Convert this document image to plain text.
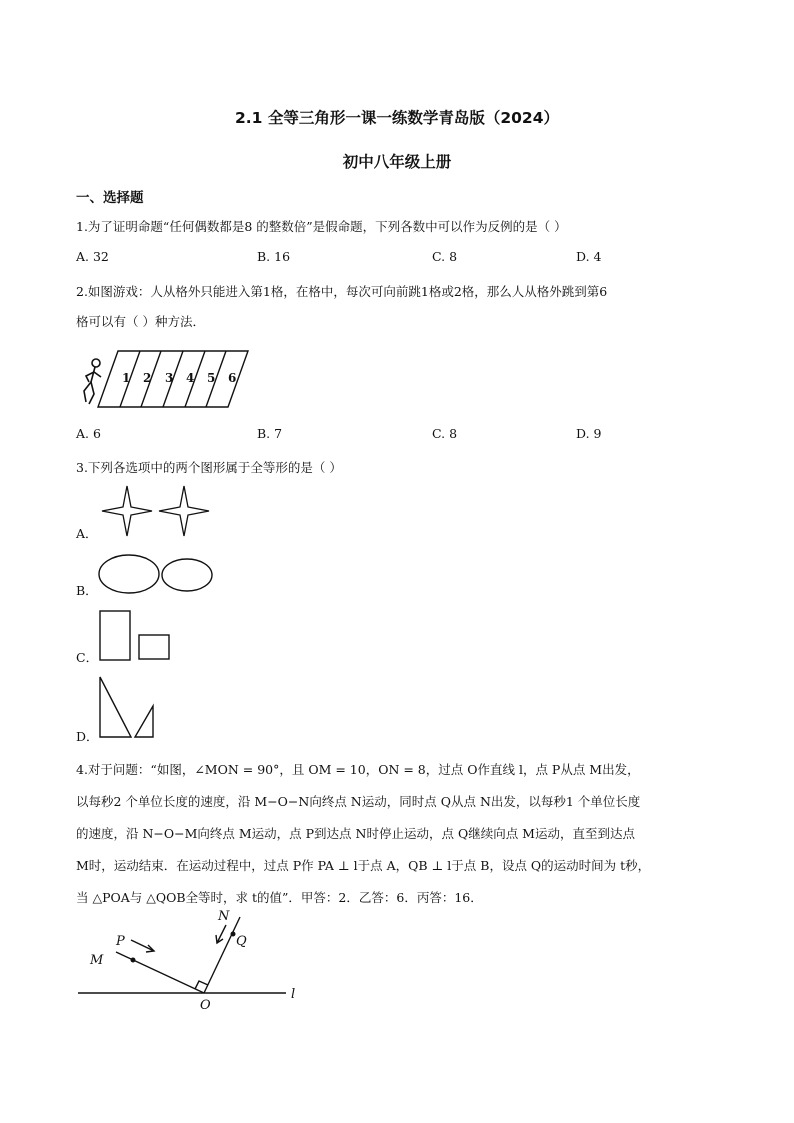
2.1 全等三角形一课一练数学青岛版（2024）
初中八年级上册
一、选择题
1.为了证明命题“任何偶数都是8 的整数倍”是假命题，下列各数中可以作为反例的是（ ）
A. 32	B. 16	C. 8	D. 4
2.如图游戏：人从格外只能进入第1格，在格中，每次可向前跳1格或2格，那么人从格外跳到第6
格可以有（ ）种方法．
1 2 3 4 5 6
A. 6	B. 7	C. 8	D. 9
3.下列各选项中的两个图形属于全等形的是（ ）
A．
B．
C．
D．
4.对于问题：“如图，∠MON = 90°，且 OM = 10，ON = 8，过点 O作直线 l，点 P从点 M出发，
以每秒2 个单位长度的速度，沿 M−O−N向终点 N运动，同时点 Q从点 N出发，以每秒1 个单位长度
的速度，沿 N−O−M向终点 M运动，点 P到达点 N时停止运动，点 Q继续向点 M运动，直至到达点
M时，运动结束．在运动过程中，过点 P作 PA ⊥ l于点 A，QB ⊥ l于点 B，设点 Q的运动时间为 t秒，
当 △POA与 △QOB全等时，求 t的值”．甲答：2．乙答：6．丙答：16．
P
M
N
Q
O
l
